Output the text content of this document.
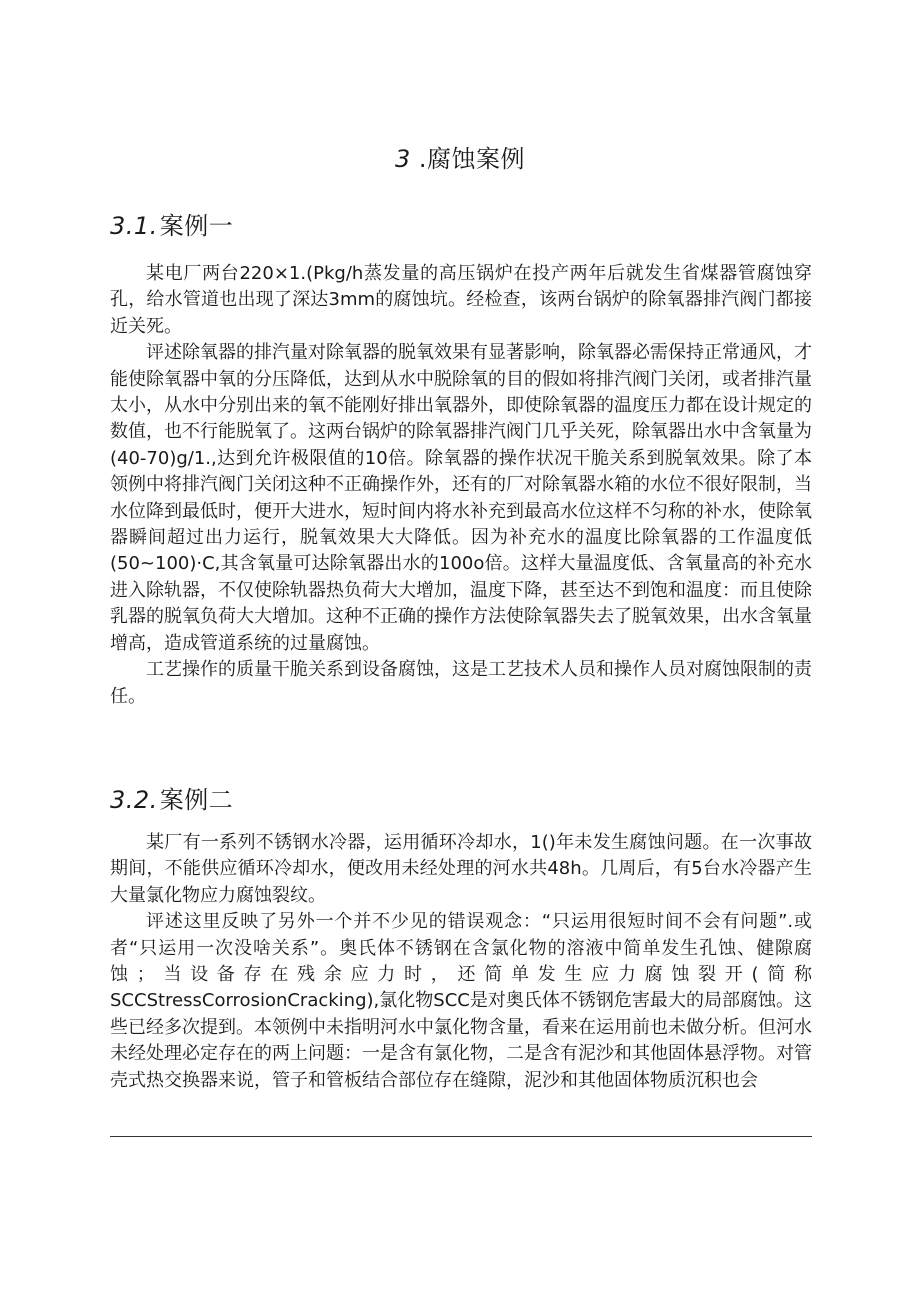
3 .腐蚀案例
3.1.案例一

某电厂两台220×1.(Pkg/h蒸发量的高压锅炉在投产两年后就发生省煤器管腐蚀穿孔，给水管道也出现了深达3mm的腐蚀坑。经检查，该两台锅炉的除氧器排汽阀门都接近关死。

评述除氧器的排汽量对除氧器的脱氧效果有显著影响，除氧器必需保持正常通风，才能使除氧器中氧的分压降低，达到从水中脱除氧的目的假如将排汽阀门关闭，或者排汽量太小，从水中分别出来的氧不能刚好排出氧器外，即使除氧器的温度压力都在设计规定的数值，也不行能脱氧了。这两台锅炉的除氧器排汽阀门几乎关死，除氧器出水中含氧量为(40-70)g/1.,达到允许极限值的10倍。除氧器的操作状况干脆关系到脱氧效果。除了本领例中将排汽阀门关闭这种不正确操作外，还有的厂对除氧器水箱的水位不很好限制，当水位降到最低时，便开大进水，短时间内将水补充到最高水位这样不匀称的补水，使除氧器瞬间超过出力运行，脱氧效果大大降低。因为补充水的温度比除氧器的工作温度低(50~100)·C,其含氧量可达除氧器出水的100o倍。这样大量温度低、含氧量高的补充水进入除轨器，不仅使除轨器热负荷大大增加，温度下降，甚至达不到饱和温度：而且使除乳器的脱氧负荷大大增加。这种不正确的操作方法使除氧器失去了脱氧效果，出水含氧量增高，造成管道系统的过量腐蚀。

工艺操作的质量干脆关系到设备腐蚀，这是工艺技术人员和操作人员对腐蚀限制的责任。

3.2.案例二

某厂有一系列不锈钢水冷器，运用循环冷却水，1()年未发生腐蚀问题。在一次事故期间，不能供应循环冷却水，便改用未经处理的河水共48h。几周后，有5台水冷器产生大量氯化物应力腐蚀裂纹。

评述这里反映了另外一个并不少见的错误观念：“只运用很短时间不会有问题”.或者“只运用一次没啥关系”。奥氏体不锈钢在含氯化物的溶液中简单发生孔蚀、健隙腐蚀；当设备存在残余应力时，还简单发生应力腐蚀裂开(简称SCCStressCorrosionCracking),氯化物SCC是对奥氏体不锈钢危害最大的局部腐蚀。这些已经多次提到。本领例中未指明河水中氯化物含量，看来在运用前也未做分析。但河水未经处理必定存在的两上问题：一是含有氯化物，二是含有泥沙和其他固体悬浮物。对管壳式热交换器来说，管子和管板结合部位存在缝隙，泥沙和其他固体物质沉积也会
